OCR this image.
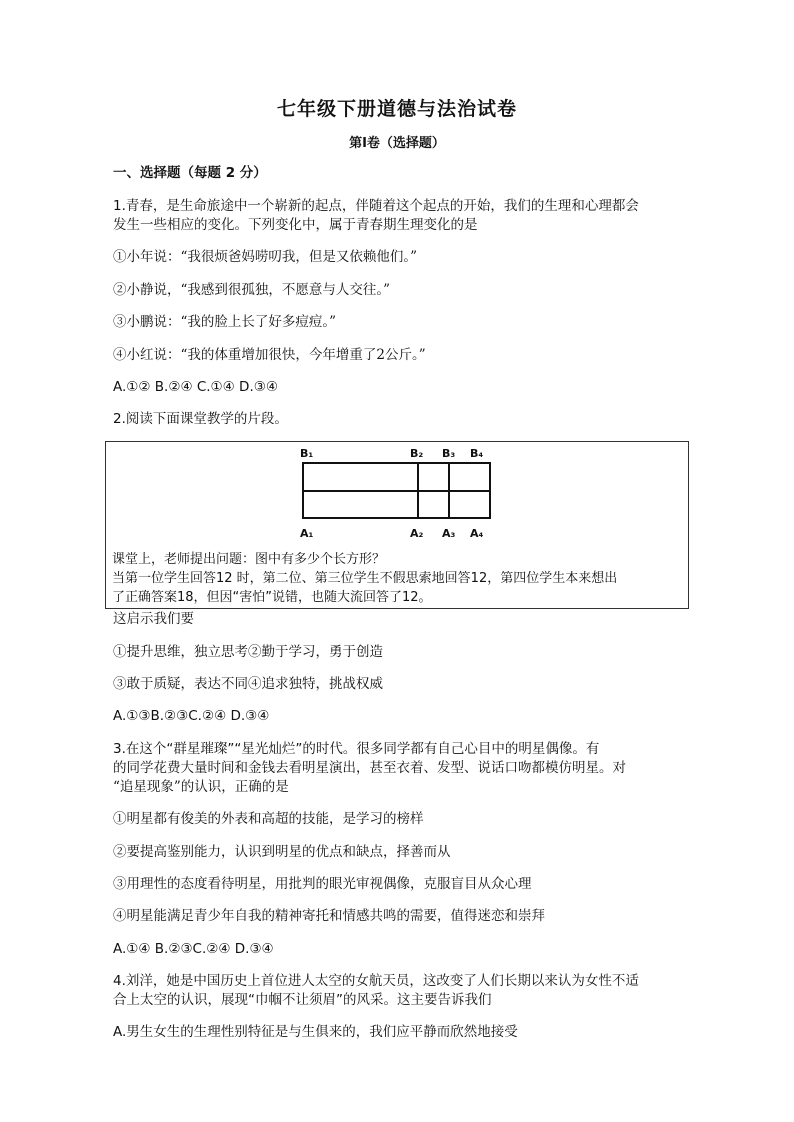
七年级下册道德与法治试卷
第Ⅰ卷（选择题）
一、选择题（每题 2 分）
1.青春，是生命旅途中一个崭新的起点，伴随着这个起点的开始，我们的生理和心理都会
发生一些相应的变化。下列变化中，属于青春期生理变化的是
①小年说：“我很烦爸妈唠叨我，但是又依赖他们。”
②小静说，“我感到很孤独，不愿意与人交往。”
③小鹏说：“我的脸上长了好多痘痘。”
④小红说：“我的体重增加很快，今年增重了2公斤。”
A.①② B.②④ C.①④ D.③④
2.阅读下面课堂教学的片段。
B₁	B₂ B₃ B₄
A₁	A₂ A₃ A₄
课堂上，老师提出问题：图中有多少个长方形？
当第一位学生回答12 时，第二位、第三位学生不假思索地回答12，第四位学生本来想出
了正确答案18，但因“害怕”说错，也随大流回答了12。
这启示我们要
①提升思维，独立思考②勤于学习，勇于创造
③敢于质疑，表达不同④追求独特，挑战权威
A.①③B.②③C.②④ D.③④
3.在这个“群星璀璨”“星光灿烂”的时代。很多同学都有自己心目中的明星偶像。有
的同学花费大量时间和金钱去看明星演出，甚至衣着、发型、说话口吻都模仿明星。对
“追星现象”的认识，正确的是
①明星都有俊美的外表和高超的技能，是学习的榜样
②要提高鉴别能力，认识到明星的优点和缺点，择善而从
③用理性的态度看待明星，用批判的眼光审视偶像，克服盲目从众心理
④明星能满足青少年自我的精神寄托和情感共鸣的需要，值得迷恋和崇拜
A.①④ B.②③C.②④ D.③④
4.刘洋，她是中国历史上首位进人太空的女航天员，这改变了人们长期以来认为女性不适
合上太空的认识，展现“巾帼不让须眉”的风采。这主要告诉我们
A.男生女生的生理性别特征是与生俱来的，我们应平静而欣然地接受
